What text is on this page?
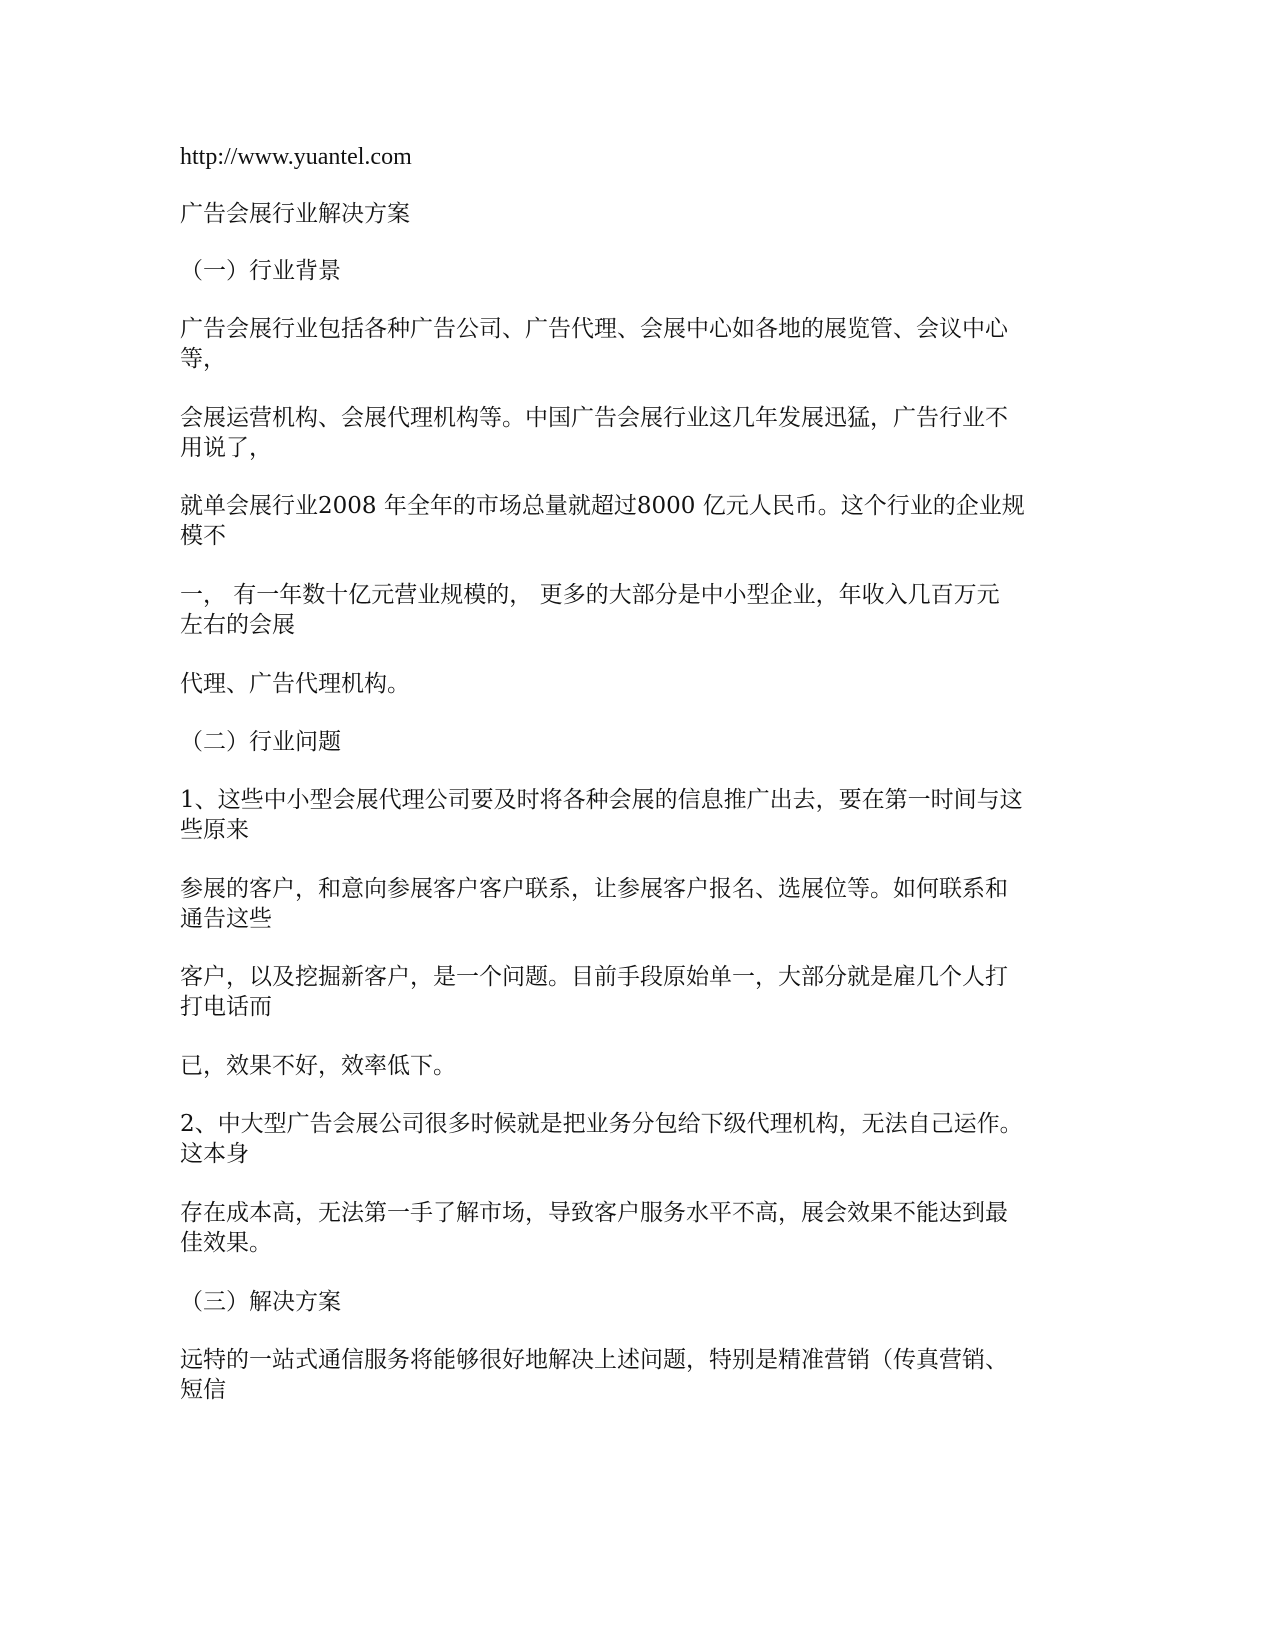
http://www.yuantel.com
广告会展行业解决方案
（一）行业背景
广告会展行业包括各种广告公司、广告代理、会展中心如各地的展览管、会议中心
等，
会展运营机构、会展代理机构等。中国广告会展行业这几年发展迅猛，广告行业不
用说了，
就单会展行业2008 年全年的市场总量就超过8000 亿元人民币。这个行业的企业规
模不
一， 有一年数十亿元营业规模的， 更多的大部分是中小型企业，年收入几百万元
左右的会展
代理、广告代理机构。
（二）行业问题
1、这些中小型会展代理公司要及时将各种会展的信息推广出去，要在第一时间与这
些原来
参展的客户，和意向参展客户客户联系，让参展客户报名、选展位等。如何联系和
通告这些
客户，以及挖掘新客户，是一个问题。目前手段原始单一，大部分就是雇几个人打
打电话而
已，效果不好，效率低下。
2、中大型广告会展公司很多时候就是把业务分包给下级代理机构，无法自己运作。
这本身
存在成本高，无法第一手了解市场，导致客户服务水平不高，展会效果不能达到最
佳效果。
（三）解决方案
远特的一站式通信服务将能够很好地解决上述问题，特别是精准营销（传真营销、
短信
